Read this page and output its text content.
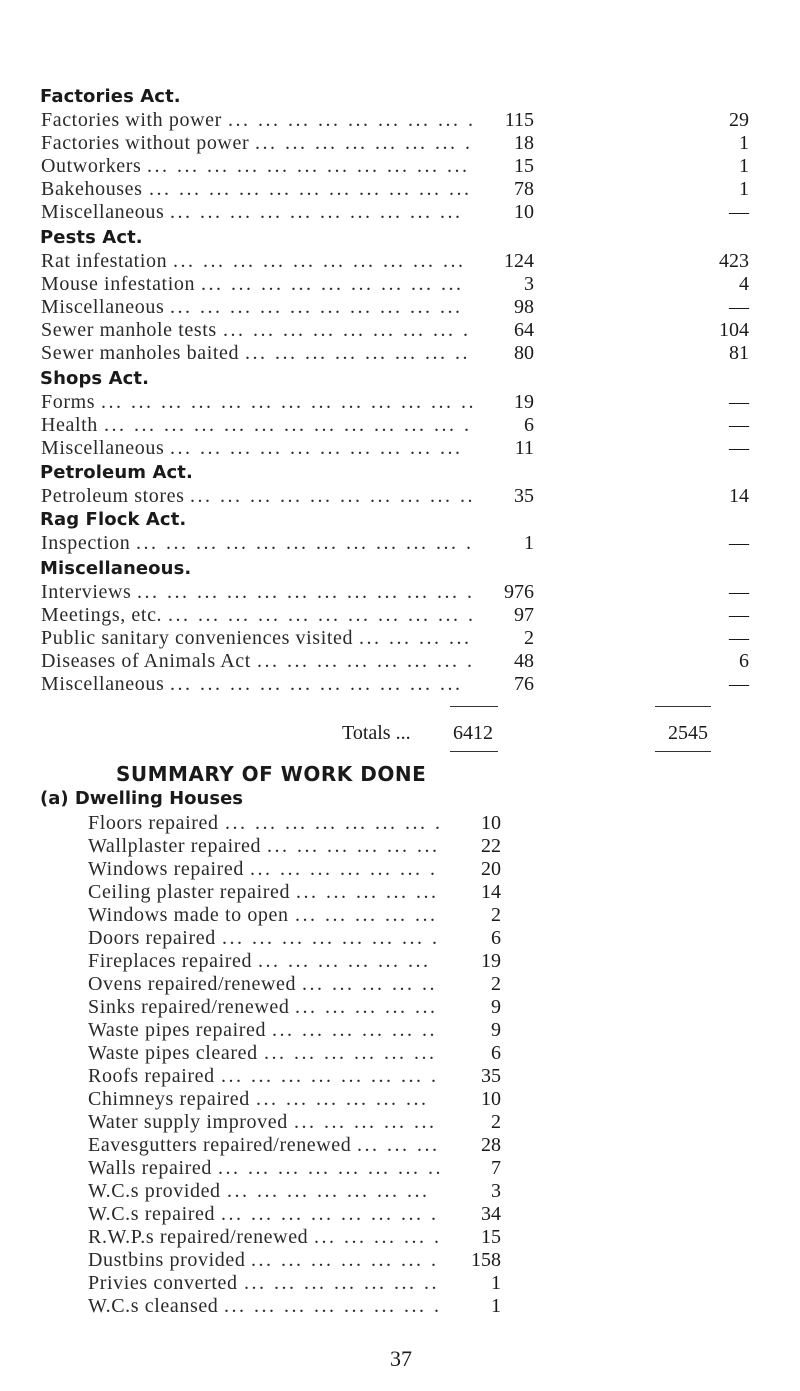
Factories Act.
Factories with power	115	29
... ... ... ... ... ... ... ... .
Factories without power	18	1
... ... ... ... ... ... ... .
Outworkers	15	1
... ... ... ... ... ... ... ... ... ... ...
Bakehouses	78	1
... ... ... ... ... ... ... ... ... ... ...
Miscellaneous	10	—
... ... ... ... ... ... ... ... ... ...
Pests Act.
Rat infestation	124	423
... ... ... ... ... ... ... ... ... ...
Mouse infestation	3	4
... ... ... ... ... ... ... ... ...
Miscellaneous	98	—
... ... ... ... ... ... ... ... ... ...
Sewer manhole tests	64	104
... ... ... ... ... ... ... ... .
Sewer manholes baited	80	81
... ... ... ... ... ... ... ..
Shops Act.
Forms	19	—
... ... ... ... ... ... ... ... ... ... ... ... ..
Health	6	—
... ... ... ... ... ... ... ... ... ... ... ... .
Miscellaneous	11	—
... ... ... ... ... ... ... ... ... ...
Petroleum Act.
Petroleum stores	35	14
... ... ... ... ... ... ... ... ... ..
Rag Flock Act.
Inspection	1	—
... ... ... ... ... ... ... ... ... ... ... .
Miscellaneous.
Interviews	976	—
... ... ... ... ... ... ... ... ... ... ... .
Meetings, etc.	97	—
... ... ... ... ... ... ... ... ... ... .
Public sanitary conveniences visited	2	—
... ... ... ...
Diseases of Animals Act	48	6
... ... ... ... ... ... ... .
Miscellaneous	76	—
... ... ... ... ... ... ... ... ... ...
Totals ...	6412	2545
SUMMARY OF WORK DONE
(a) Dwelling Houses
Floors repaired	10
... ... ... ... ... ... ... .
Wallplaster repaired	22
... ... ... ... ... ...
Windows repaired	20
... ... ... ... ... ... .
Ceiling plaster repaired	14
... ... ... ... ...
Windows made to open	2
... ... ... ... ...
Doors repaired	6
... ... ... ... ... ... ... .
Fireplaces repaired	19
... ... ... ... ... ...
Ovens repaired/renewed	2
... ... ... ... ..
Sinks repaired/renewed	9
... ... ... ... ...
Waste pipes repaired	9
... ... ... ... ... ..
Waste pipes cleared	6
... ... ... ... ... ...
Roofs repaired	35
... ... ... ... ... ... ... .
Chimneys repaired	10
... ... ... ... ... ...
Water supply improved	2
... ... ... ... ...
Eavesgutters repaired/renewed	28
... ... ...
Walls repaired	7
... ... ... ... ... ... ... ..
W.C.s provided	3
... ... ... ... ... ... ...
W.C.s repaired	34
... ... ... ... ... ... ... .
R.W.P.s repaired/renewed	15
... ... ... ... .
Dustbins provided	158
... ... ... ... ... ... .
Privies converted	1
... ... ... ... ... ... ..
W.C.s cleansed	1
... ... ... ... ... ... ... .
37
